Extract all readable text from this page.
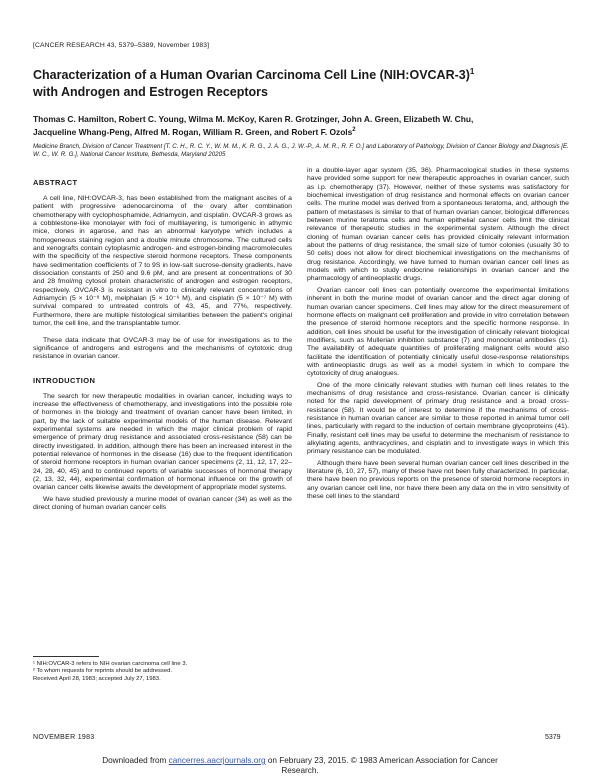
[CANCER RESEARCH 43, 5379–5389, November 1983]
Characterization of a Human Ovarian Carcinoma Cell Line (NIH:OVCAR-3)$^1$
with Androgen and Estrogen Receptors
Thomas C. Hamilton, Robert C. Young, Wilma M. McKoy, Karen R. Grotzinger, John A. Green, Elizabeth W. Chu,
Jacqueline Whang-Peng, Alfred M. Rogan, William R. Green, and Robert F. Ozols$^2$
Medicine Branch, Division of Cancer Treatment [T. C. H., R. C. Y., W. M. M., K. R. G., J. A. G., J. W.-P., A. M. R., R. F. O.] and Laboratory of Pathology, Division of Cancer Biology and Diagnosis [E. W. C., W. R. G.], National Cancer Institute, Bethesda, Maryland 20205
ABSTRACT

A cell line, NIH:OVCAR-3, has been established from the malignant ascites of a patient with progressive adenocarcinoma of the ovary after combination chemotherapy with cyclophosphamide, Adriamycin, and cisplatin. OVCAR-3 grows as a cobblestone-like monolayer with foci of multilayering, is tumorigenic in athymic mice, clones in agarose, and has an abnormal karyotype which includes a homogeneous staining region and a double minute chromosome. The cultured cells and xenografts contain cytoplasmic androgen- and estrogen-binding macromolecules with the specificity of the respective steroid hormone receptors. These components have sedimentation coefficients of 7 to 9S in low-salt sucrose-density gradients, have dissociation constants of 250 and 9.6 pM, and are present at concentrations of 30 and 28 fmol/mg cytosol protein characteristic of androgen and estrogen receptors, respectively. OVCAR-3 is resistant in vitro to clinically relevant concentrations of Adriamycin (5 × 10⁻⁸ M), melphalan (5 × 10⁻⁶ M), and cisplatin (5 × 10⁻⁷ M) with survival compared to untreated controls of 43, 45, and 77%, respectively. Furthermore, there are multiple histological similarities between the patient's original tumor, the cell line, and the transplantable tumor.

These data indicate that OVCAR-3 may be of use for investigations as to the significance of androgens and estrogens and the mechanisms of cytotoxic drug resistance in ovarian cancer.

INTRODUCTION

The search for new therapeutic modalities in ovarian cancer, including ways to increase the effectiveness of chemotherapy, and investigations into the possible role of hormones in the biology and treatment of ovarian cancer have been limited, in part, by the lack of suitable experimental models of the human disease. Relevant experimental systems are needed in which the major clinical problem of rapid emergence of primary drug resistance and associated cross-resistance (58) can be directly investigated. In addition, although there has been an increased interest in the potential relevance of hormones in the disease (16) due to the frequent identification of steroid hormone receptors in human ovarian cancer specimens (2, 11, 12, 17, 22–24, 28, 40, 45) and to continued reports of variable successes of hormonal therapy (2, 13, 32, 44), experimental confirmation of hormonal influence on the growth of ovarian cancer cells likewise awaits the development of appropriate model systems.

We have studied previously a murine model of ovarian cancer (34) as well as the direct cloning of human ovarian cancer cells

¹ NIH:OVCAR-3 refers to NIH ovarian carcinoma cell line 3.
² To whom requests for reprints should be addressed.
Received April 28, 1983; accepted July 27, 1983.

in a double-layer agar system (35, 36). Pharmacological studies in these systems have provided some support for new therapeutic approaches in ovarian cancer, such as i.p. chemotherapy (37). However, neither of these systems was satisfactory for biochemical investigation of drug resistance and hormonal effects on ovarian cancer cells. The murine model was derived from a spontaneous teratoma, and, although the pattern of metastases is similar to that of human ovarian cancer, biological differences between murine teratoma cells and human epithelial cancer cells limit the clinical relevance of therapeutic studies in the experimental system. Although the direct cloning of human ovarian cancer cells has provided clinically relevant information about the patterns of drug resistance, the small size of tumor colonies (usually 30 to 50 cells) does not allow for direct biochemical investigations on the mechanisms of drug resistance. Accordingly, we have turned to human ovarian cancer cell lines as models with which to study endocrine relationships in ovarian cancer and the pharmacology of antineoplastic drugs.

Ovarian cancer cell lines can potentially overcome the experimental limitations inherent in both the murine model of ovarian cancer and the direct agar cloning of human ovarian cancer specimens. Cell lines may allow for the direct measurement of hormone effects on malignant cell proliferation and provide in vitro correlation between the presence of steroid hormone receptors and the specific hormone response. In addition, cell lines should be useful for the investigation of clinically relevant biological modifiers, such as Mullerian inhibition substance (7) and monoclonal antibodies (1). The availability of adequate quantities of proliferating malignant cells would also facilitate the identification of potentially clinically useful dose-response relationships with antineoplastic drugs as well as a model system in which to compare the cytotoxicity of drug analogues.

One of the more clinically relevant studies with human cell lines relates to the mechanisms of drug resistance and cross-resistance. Ovarian cancer is clinically noted for the rapid development of primary drug resistance and a broad cross-resistance (58). It would be of interest to determine if the mechanisms of cross-resistance in human ovarian cancer are similar to those reported in animal tumor cell lines, particularly with regard to the induction of certain membrane glycoproteins (41). Finally, resistant cell lines may be useful to determine the mechanism of resistance to alkylating agents, anthracyclines, and cisplatin and to investigate ways in which this primary resistance can be modulated.

Although there have been several human ovarian cancer cell lines described in the literature (6, 10, 27, 57), many of these have not been fully characterized. In particular, there have been no previous reports on the presence of steroid hormone receptors in any ovarian cancer cell line, nor have there been any data on the in vitro sensitivity of these cell lines to the standard

NOVEMBER 1983	5379
Downloaded from cancerres.aacrjournals.org on February 23, 2015. © 1983 American Association for Cancer
Research.
